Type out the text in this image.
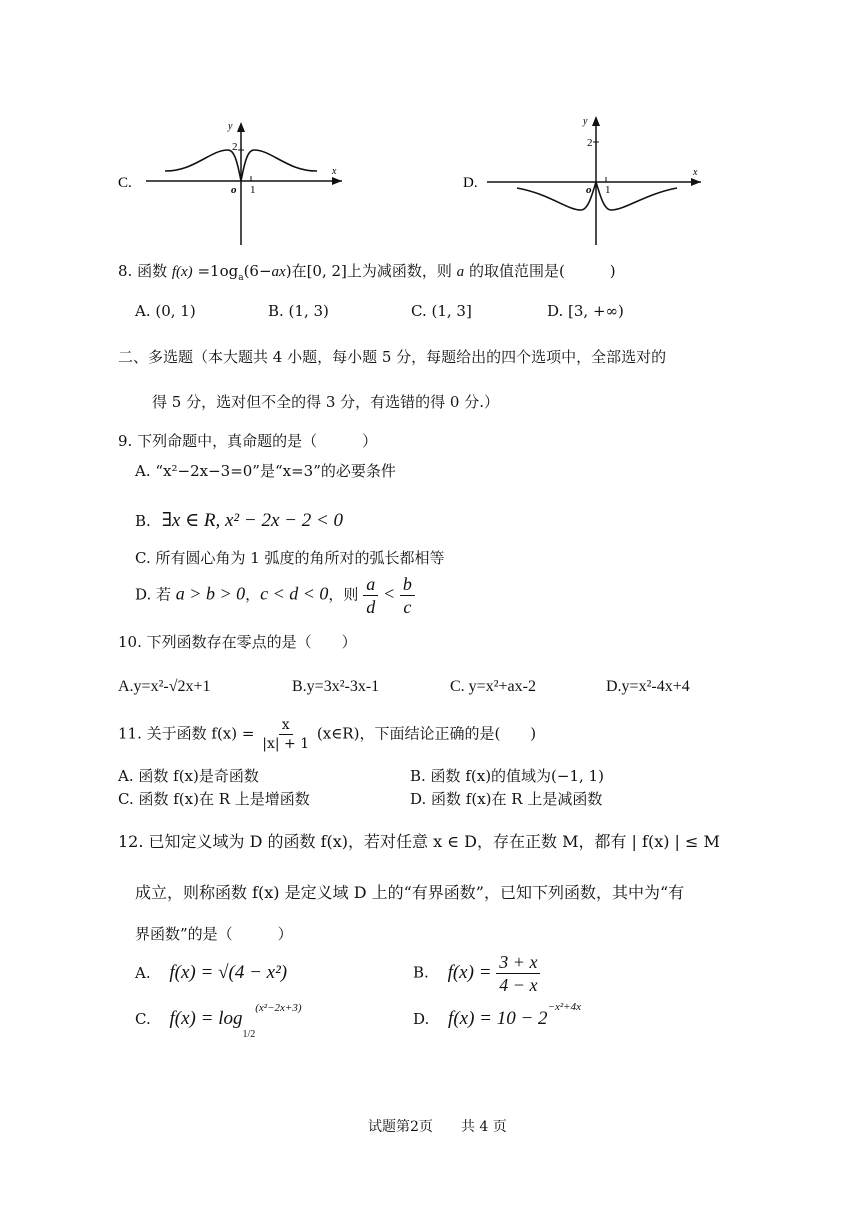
C.
y
x
o 1
2
D.
y
x
o 1
2
8. 函数 f(x) =1oga(6−ax)在[0, 2]上为减函数，则 a 的取值范围是(　　　)
A. (0, 1)	B. (1, 3)	C. (1, 3]	D. [3, +∞)
二、多选题（本大题共 4 小题，每小题 5 分，每题给出的四个选项中，全部选对的
得 5 分，选对但不全的得 3 分，有选错的得 0 分.）
9. 下列命题中，真命题的是（　　　）
A. “x²−2x−3=0”是“x=3”的必要条件
B. ∃x ∈ R, x² − 2x − 2 < 0
C. 所有圆心角为 1 弧度的角所对的弧长都相等
D. 若 a > b > 0，c < d < 0，则 $\frac{a}{d} < \frac{b}{c}$
10. 下列函数存在零点的是（　　）
A.y=x²-√2x+1	B.y=3x²-3x-1	C. y=x²+ax-2	D.y=x²-4x+4
11. 关于函数 $f(x) = \frac{x}{|x| + 1}$ (x∈R)，下面结论正确的是(　　)
A. 函数 f(x)是奇函数	B. 函数 f(x)的值域为(−1, 1)
C. 函数 f(x)在 R 上是增函数	D. 函数 f(x)在 R 上是减函数
12. 已知定义域为 D 的函数 f(x)，若对任意 x ∈ D，存在正数 M，都有 | f(x) | ≤ M
成立，则称函数 f(x) 是定义域 D 上的“有界函数”，已知下列函数，其中为“有
界函数”的是（　　　）
A. f(x) = √(4 − x²)	B. $f(x) = \frac{3 + x}{4 - x}$
C. $f(x) = \log_{1/2}^{(x^2-2x+3)}$
D. $f(x) = 10 - 2^{-x^2+4x}$
试题第2页　　共 4 页
